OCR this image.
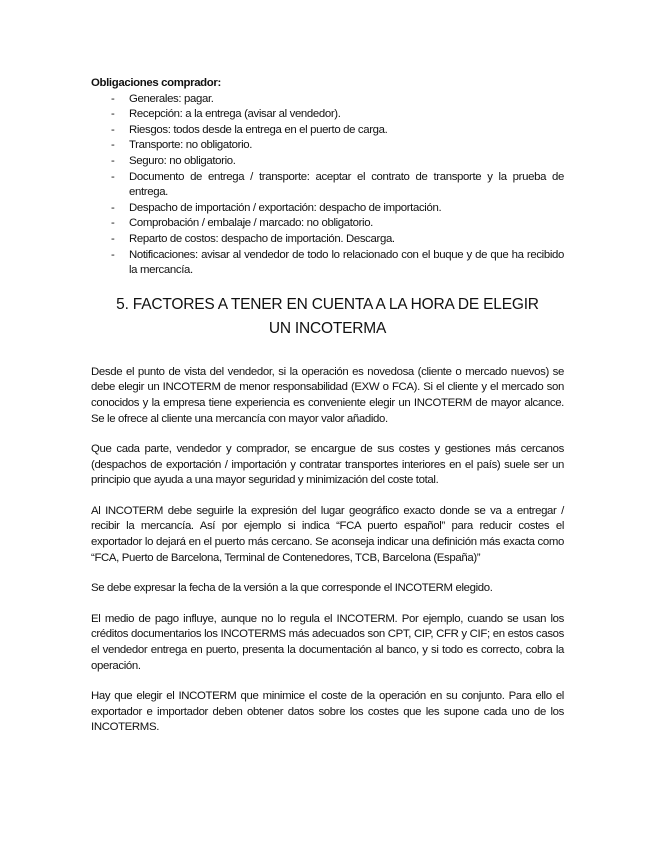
Obligaciones comprador:

- Generales: pagar.
- Recepción: a la entrega (avisar al vendedor).
- Riesgos: todos desde la entrega en el puerto de carga.
- Transporte: no obligatorio.
- Seguro: no obligatorio.
- Documento de entrega / transporte: aceptar el contrato de transporte y la prueba de entrega.
- Despacho de importación / exportación: despacho de importación.
- Comprobación / embalaje / marcado: no obligatorio.
- Reparto de costos: despacho de importación. Descarga.
- Notificaciones: avisar al vendedor de todo lo relacionado con el buque y de que ha recibido la mercancía.
5. FACTORES A TENER EN CUENTA A LA HORA DE ELEGIR UN INCOTERMA

Desde el punto de vista del vendedor, si la operación es novedosa (cliente o mercado nuevos) se debe elegir un INCOTERM de menor responsabilidad (EXW o FCA). Si el cliente y el mercado son conocidos y la empresa tiene experiencia es conveniente elegir un INCOTERM de mayor alcance. Se le ofrece al cliente una mercancía con mayor valor añadido.

Que cada parte, vendedor y comprador, se encargue de sus costes y gestiones más cercanos (despachos de exportación / importación y contratar transportes interiores en el país) suele ser un principio que ayuda a una mayor seguridad y minimización del coste total.

Al INCOTERM debe seguirle la expresión del lugar geográfico exacto donde se va a entregar / recibir la mercancía. Así por ejemplo si indica “FCA puerto español” para reducir costes el exportador lo dejará en el puerto más cercano. Se aconseja indicar una definición más exacta como “FCA, Puerto de Barcelona, Terminal de Contenedores, TCB, Barcelona (España)”

Se debe expresar la fecha de la versión a la que corresponde el INCOTERM elegido.

El medio de pago influye, aunque no lo regula el INCOTERM. Por ejemplo, cuando se usan los créditos documentarios los INCOTERMS más adecuados son CPT, CIP, CFR y CIF; en estos casos el vendedor entrega en puerto, presenta la documentación al banco, y si todo es correcto, cobra la operación.

Hay que elegir el INCOTERM que minimice el coste de la operación en su conjunto. Para ello el exportador e importador deben obtener datos sobre los costes que les supone cada uno de los INCOTERMS.
